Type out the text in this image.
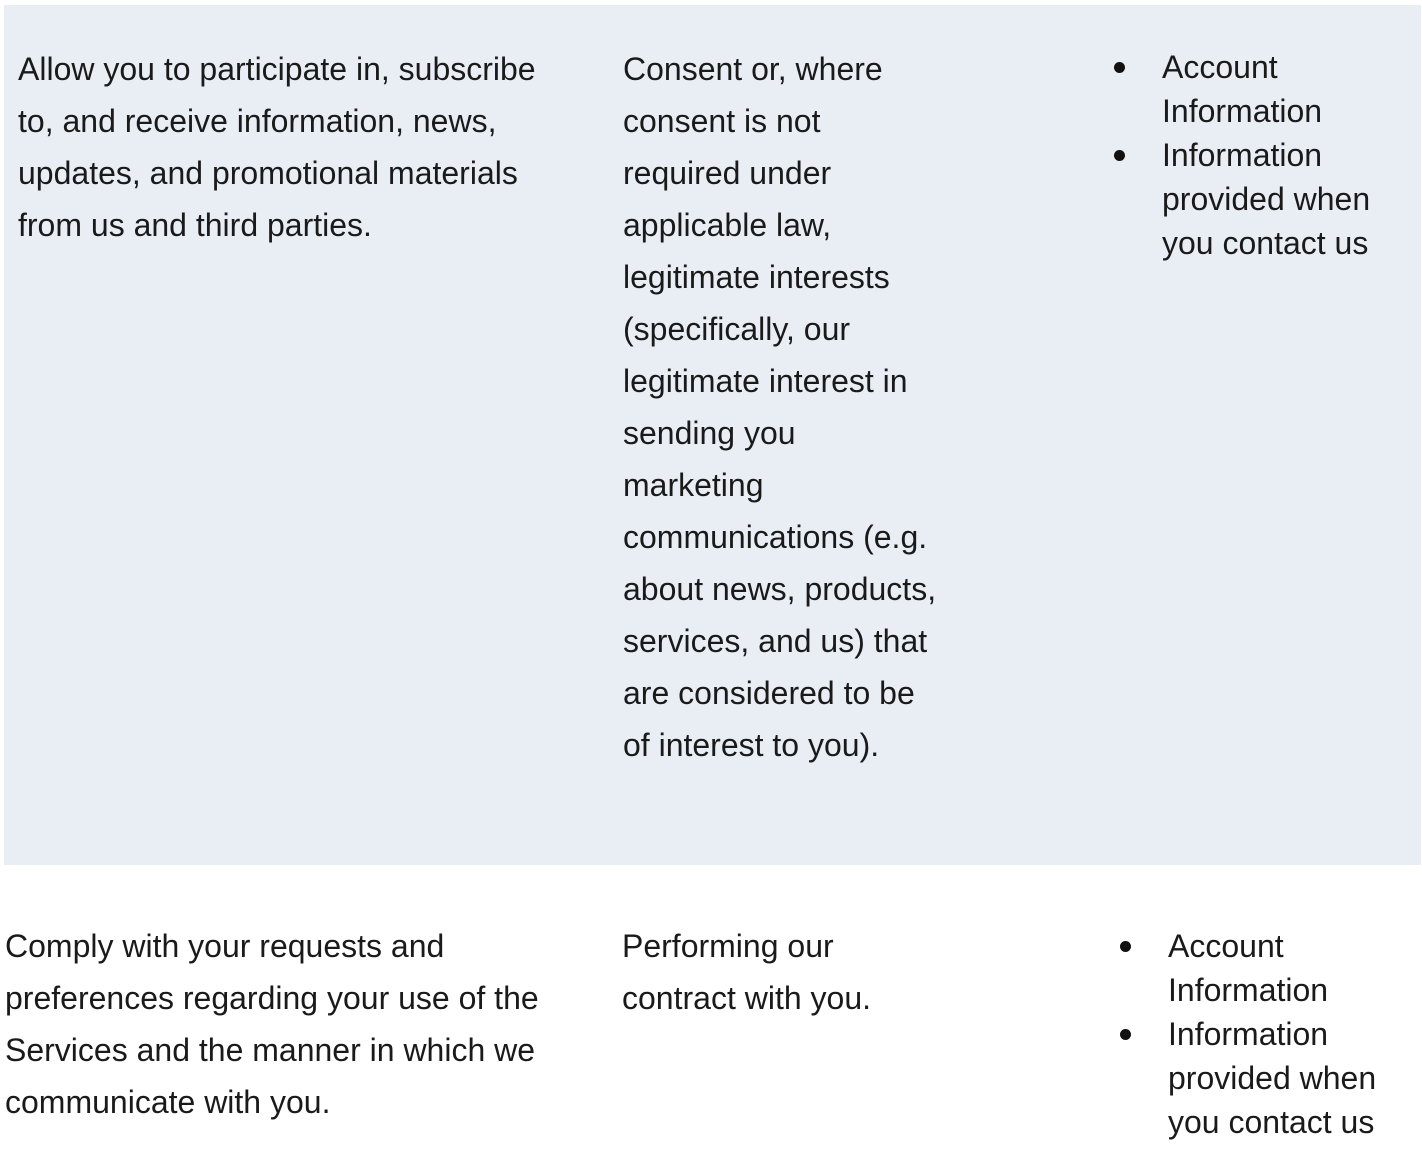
Allow you to participate in, subscribe to, and receive information, news, updates, and promotional materials from us and third parties.

Consent or, where consent is not required under applicable law, legitimate interests (specifically, our legitimate interest in sending you marketing communications (e.g. about news, products, services, and us) that are considered to be of interest to you).

Account Information
Information provided when you contact us

Comply with your requests and preferences regarding your use of the Services and the manner in which we communicate with you.

Performing our contract with you.

Account Information
Information provided when you contact us
